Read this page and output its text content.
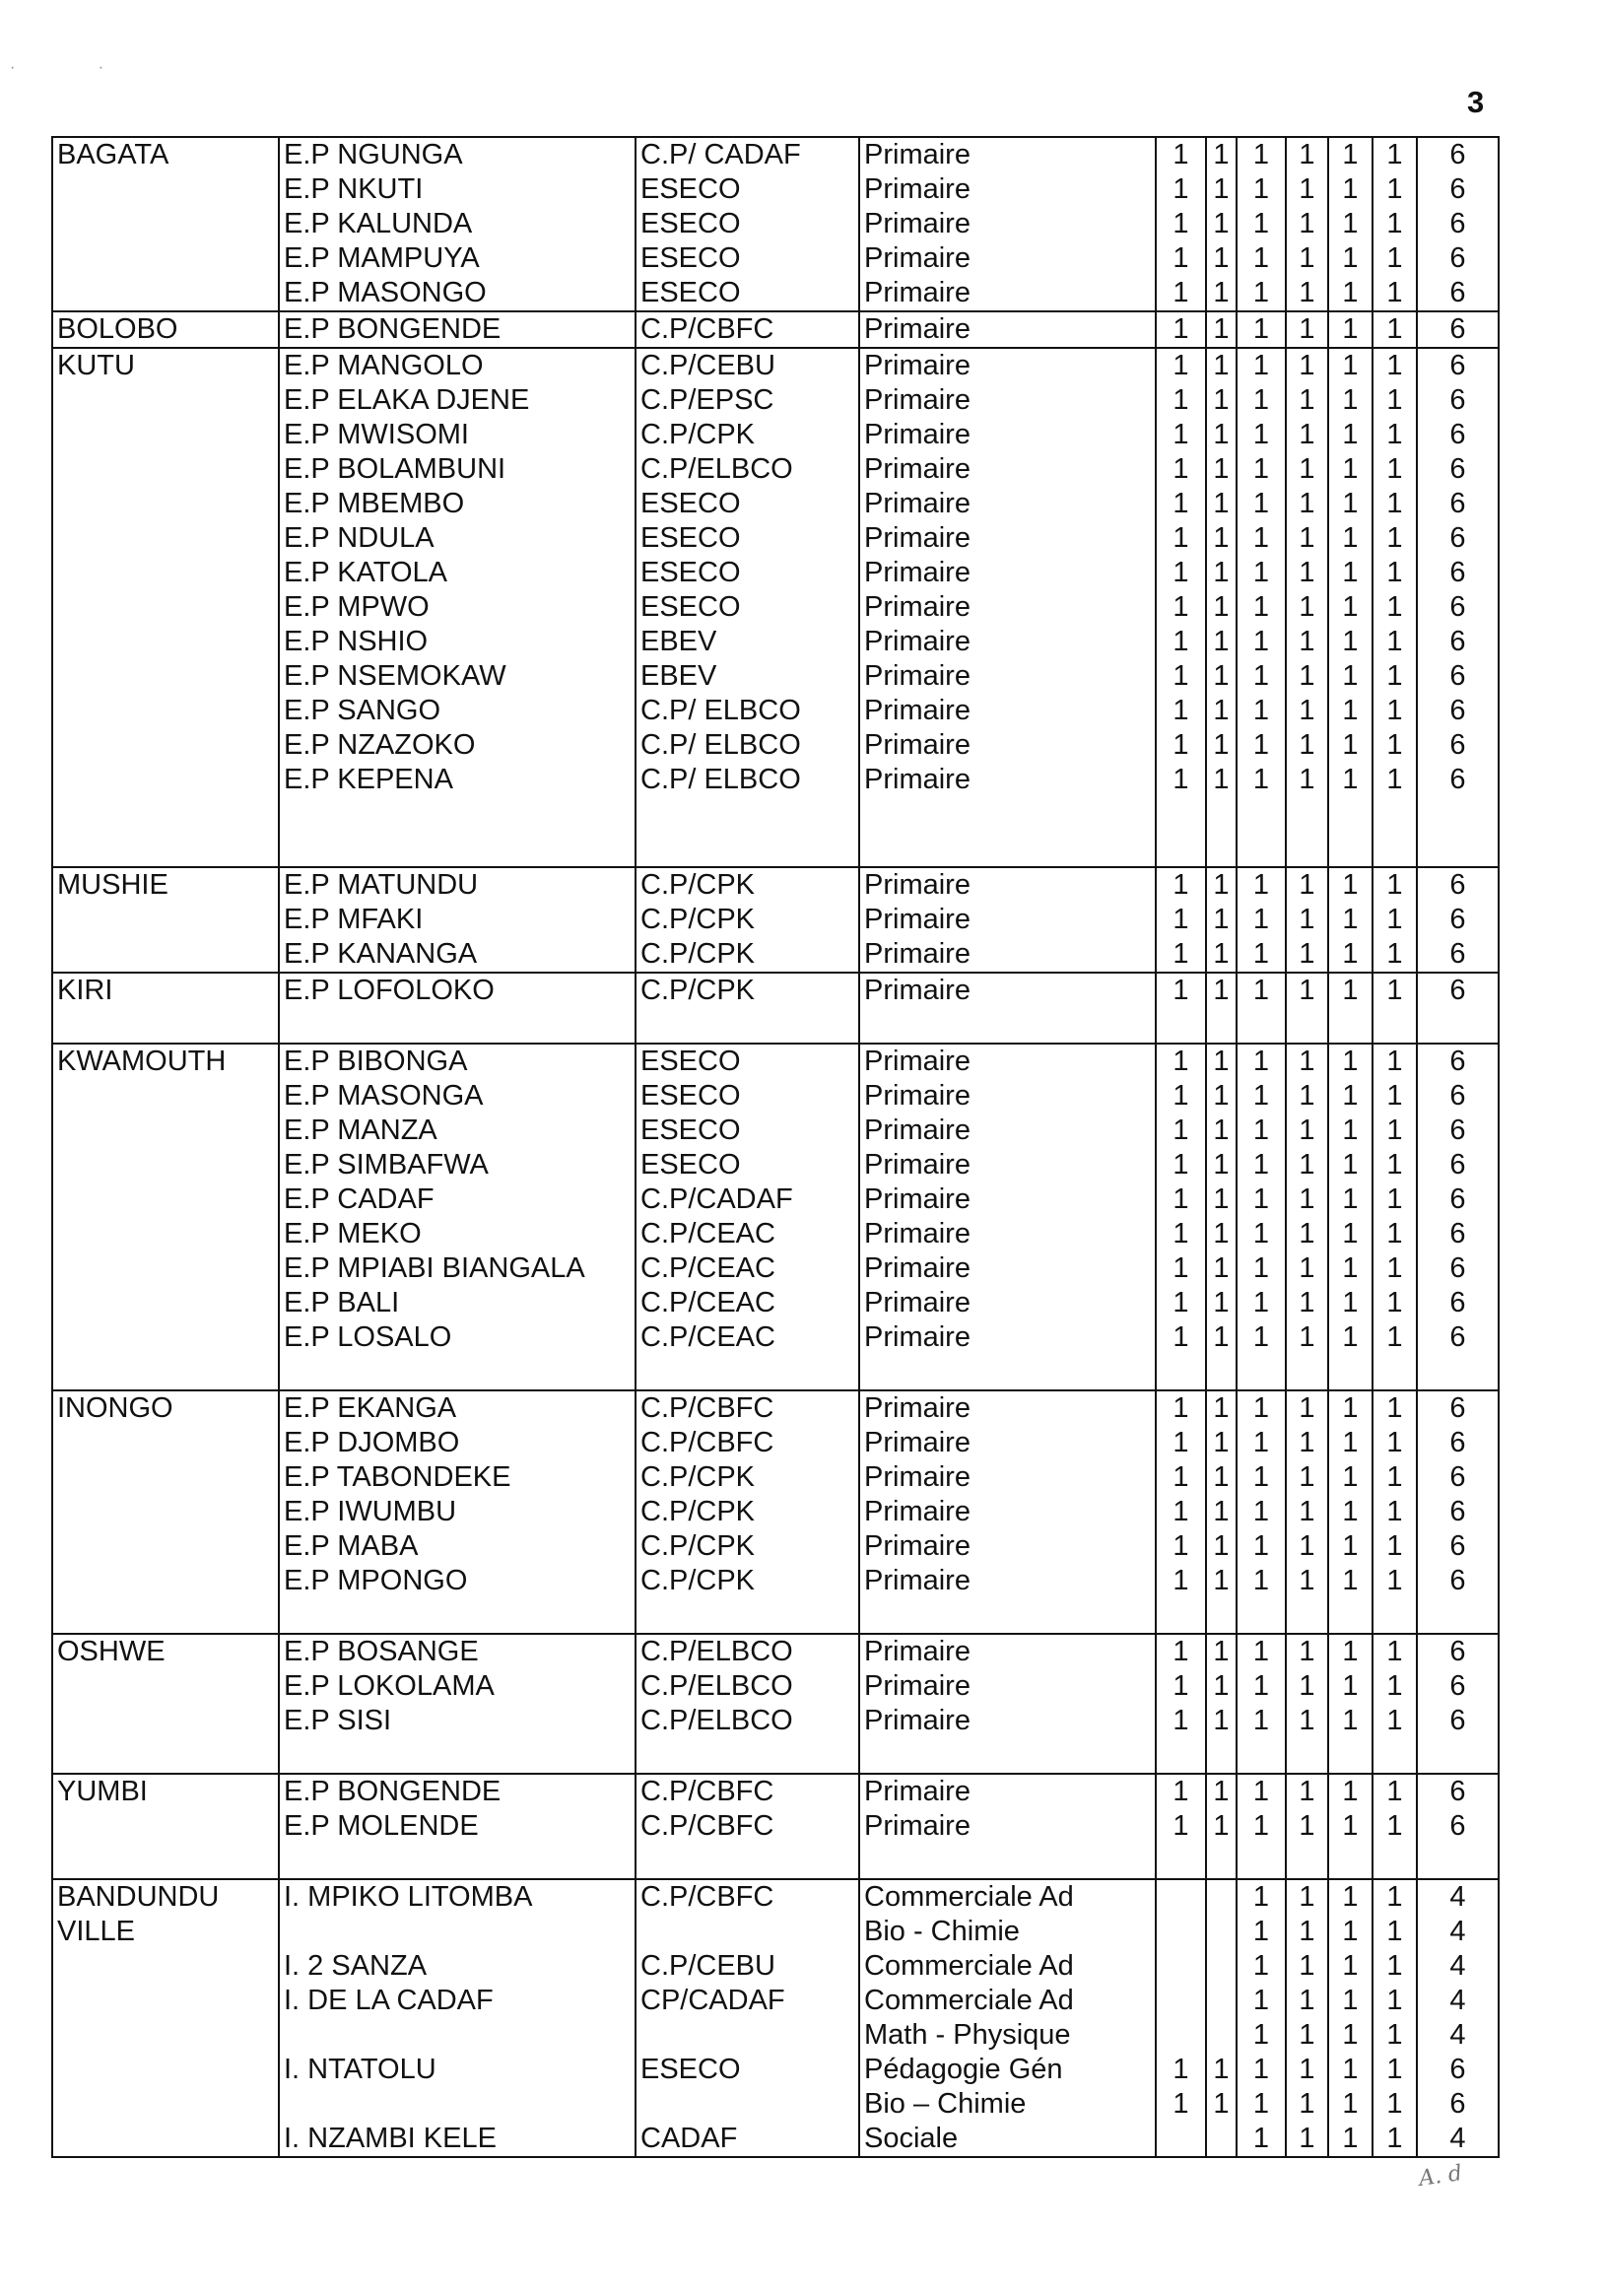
3
· ·
BAGATA	E.P NGUNGA	C.P/ CADAF	Primaire	1	1	1	1	1	1	6
	E.P NKUTI	ESECO	Primaire	1	1	1	1	1	1	6
	E.P KALUNDA	ESECO	Primaire	1	1	1	1	1	1	6
	E.P MAMPUYA	ESECO	Primaire	1	1	1	1	1	1	6
	E.P MASONGO	ESECO	Primaire	1	1	1	1	1	1	6
BOLOBO	E.P BONGENDE	C.P/CBFC	Primaire	1	1	1	1	1	1	6
KUTU	E.P MANGOLO	C.P/CEBU	Primaire	1	1	1	1	1	1	6
	E.P ELAKA DJENE	C.P/EPSC	Primaire	1	1	1	1	1	1	6
	E.P MWISOMI	C.P/CPK	Primaire	1	1	1	1	1	1	6
	E.P BOLAMBUNI	C.P/ELBCO	Primaire	1	1	1	1	1	1	6
	E.P MBEMBO	ESECO	Primaire	1	1	1	1	1	1	6
	E.P NDULA	ESECO	Primaire	1	1	1	1	1	1	6
	E.P KATOLA	ESECO	Primaire	1	1	1	1	1	1	6
	E.P MPWO	ESECO	Primaire	1	1	1	1	1	1	6
	E.P NSHIO	EBEV	Primaire	1	1	1	1	1	1	6
	E.P NSEMOKAW	EBEV	Primaire	1	1	1	1	1	1	6
	E.P SANGO	C.P/ ELBCO	Primaire	1	1	1	1	1	1	6
	E.P NZAZOKO	C.P/ ELBCO	Primaire	1	1	1	1	1	1	6
	E.P KEPENA	C.P/ ELBCO	Primaire	1	1	1	1	1	1	6

MUSHIE	E.P MATUNDU	C.P/CPK	Primaire	1	1	1	1	1	1	6
	E.P MFAKI	C.P/CPK	Primaire	1	1	1	1	1	1	6
	E.P KANANGA	C.P/CPK	Primaire	1	1	1	1	1	1	6
KIRI	E.P LOFOLOKO	C.P/CPK	Primaire	1	1	1	1	1	1	6

KWAMOUTH	E.P BIBONGA	ESECO	Primaire	1	1	1	1	1	1	6
	E.P MASONGA	ESECO	Primaire	1	1	1	1	1	1	6
	E.P MANZA	ESECO	Primaire	1	1	1	1	1	1	6
	E.P SIMBAFWA	ESECO	Primaire	1	1	1	1	1	1	6
	E.P CADAF	C.P/CADAF	Primaire	1	1	1	1	1	1	6
	E.P MEKO	C.P/CEAC	Primaire	1	1	1	1	1	1	6
	E.P MPIABI BIANGALA	C.P/CEAC	Primaire	1	1	1	1	1	1	6
	E.P BALI	C.P/CEAC	Primaire	1	1	1	1	1	1	6
	E.P LOSALO	C.P/CEAC	Primaire	1	1	1	1	1	1	6

INONGO	E.P EKANGA	C.P/CBFC	Primaire	1	1	1	1	1	1	6
	E.P DJOMBO	C.P/CBFC	Primaire	1	1	1	1	1	1	6
	E.P TABONDEKE	C.P/CPK	Primaire	1	1	1	1	1	1	6
	E.P IWUMBU	C.P/CPK	Primaire	1	1	1	1	1	1	6
	E.P MABA	C.P/CPK	Primaire	1	1	1	1	1	1	6
	E.P MPONGO	C.P/CPK	Primaire	1	1	1	1	1	1	6

OSHWE	E.P BOSANGE	C.P/ELBCO	Primaire	1	1	1	1	1	1	6
	E.P LOKOLAMA	C.P/ELBCO	Primaire	1	1	1	1	1	1	6
	E.P SISI	C.P/ELBCO	Primaire	1	1	1	1	1	1	6

YUMBI	E.P BONGENDE	C.P/CBFC	Primaire	1	1	1	1	1	1	6
	E.P MOLENDE	C.P/CBFC	Primaire	1	1	1	1	1	1	6

BANDUNDU	I. MPIKO LITOMBA	C.P/CBFC	Commerciale Ad			1	1	1	1	4
VILLE			Bio - Chimie			1	1	1	1	4
	I. 2 SANZA	C.P/CEBU	Commerciale Ad			1	1	1	1	4
	I. DE LA CADAF	CP/CADAF	Commerciale Ad			1	1	1	1	4
			Math - Physique			1	1	1	1	4
	I. NTATOLU	ESECO	Pédagogie Gén	1	1	1	1	1	1	6
			Bio – Chimie	1	1	1	1	1	1	6
	I. NZAMBI KELE	CADAF	Sociale			1	1	1	1	4
A. d
